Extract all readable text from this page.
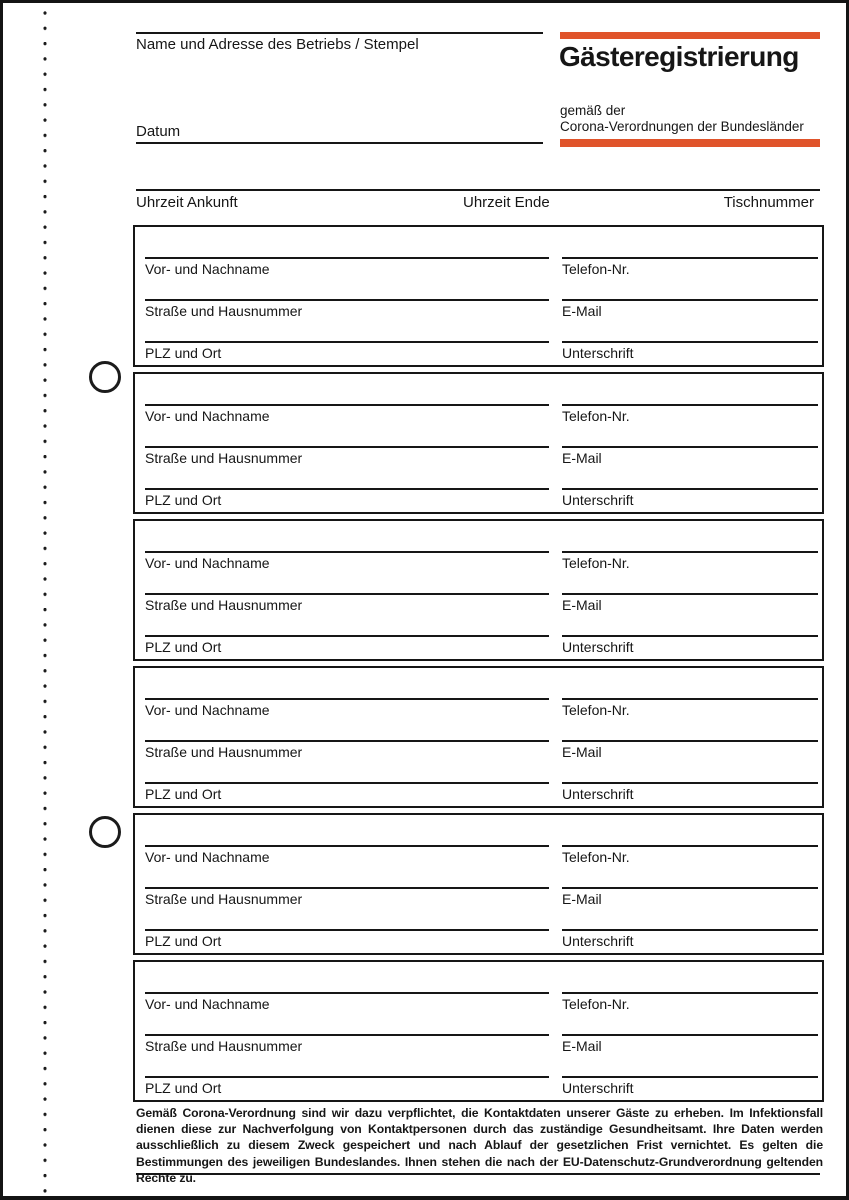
Name und Adresse des Betriebs / Stempel
Datum
Gästeregistrierung
gemäß der
Corona-Verordnungen der Bundesländer
Uhrzeit Ankunft	Uhrzeit Ende	Tischnummer
Vor- und Nachname	Telefon-Nr.
Straße und Hausnummer	E-Mail
PLZ und Ort	Unterschrift
Vor- und Nachname	Telefon-Nr.
Straße und Hausnummer	E-Mail
PLZ und Ort	Unterschrift
Vor- und Nachname	Telefon-Nr.
Straße und Hausnummer	E-Mail
PLZ und Ort	Unterschrift
Vor- und Nachname	Telefon-Nr.
Straße und Hausnummer	E-Mail
PLZ und Ort	Unterschrift
Vor- und Nachname	Telefon-Nr.
Straße und Hausnummer	E-Mail
PLZ und Ort	Unterschrift
Vor- und Nachname	Telefon-Nr.
Straße und Hausnummer	E-Mail
PLZ und Ort	Unterschrift
Gemäß Corona-Verordnung sind wir dazu verpflichtet, die Kontaktdaten unserer Gäste zu erheben. Im Infektionsfall dienen diese zur Nachverfolgung von Kontaktpersonen durch das zuständige Gesundheitsamt. Ihre Daten werden ausschließlich zu diesem Zweck gespeichert und nach Ablauf der gesetzlichen Frist vernichtet. Es gelten die Bestimmungen des jeweiligen Bundeslandes. Ihnen stehen die nach der EU-Datenschutz-Grundverordnung geltenden Rechte zu.
